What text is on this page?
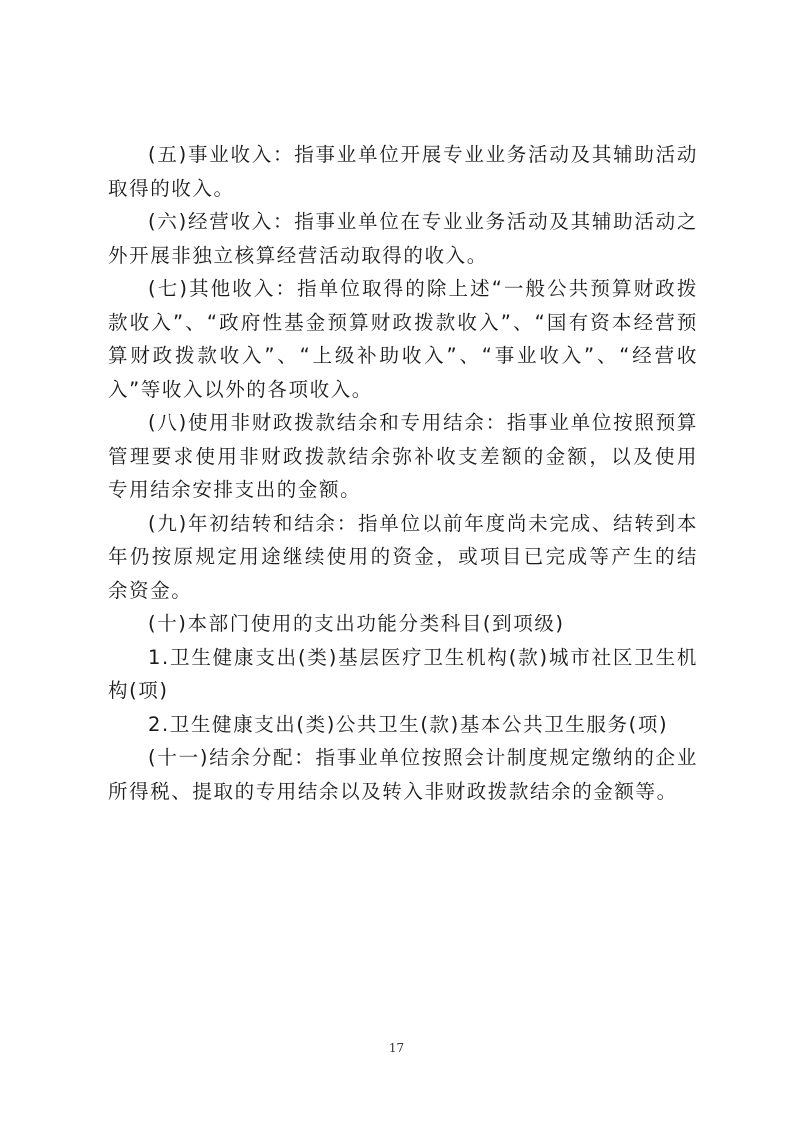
(五)事业收入：指事业单位开展专业业务活动及其辅助活动取得的收入。

(六)经营收入：指事业单位在专业业务活动及其辅助活动之外开展非独立核算经营活动取得的收入。

(七)其他收入：指单位取得的除上述“一般公共预算财政拨款收入”、“政府性基金预算财政拨款收入”、“国有资本经营预算财政拨款收入”、“上级补助收入”、“事业收入”、“经营收入”等收入以外的各项收入。

(八)使用非财政拨款结余和专用结余：指事业单位按照预算管理要求使用非财政拨款结余弥补收支差额的金额，以及使用专用结余安排支出的金额。

(九)年初结转和结余：指单位以前年度尚未完成、结转到本年仍按原规定用途继续使用的资金，或项目已完成等产生的结余资金。

(十)本部门使用的支出功能分类科目(到项级)

1.卫生健康支出(类)基层医疗卫生机构(款)城市社区卫生机构(项)

2.卫生健康支出(类)公共卫生(款)基本公共卫生服务(项)

(十一)结余分配：指事业单位按照会计制度规定缴纳的企业所得税、提取的专用结余以及转入非财政拨款结余的金额等。

17
